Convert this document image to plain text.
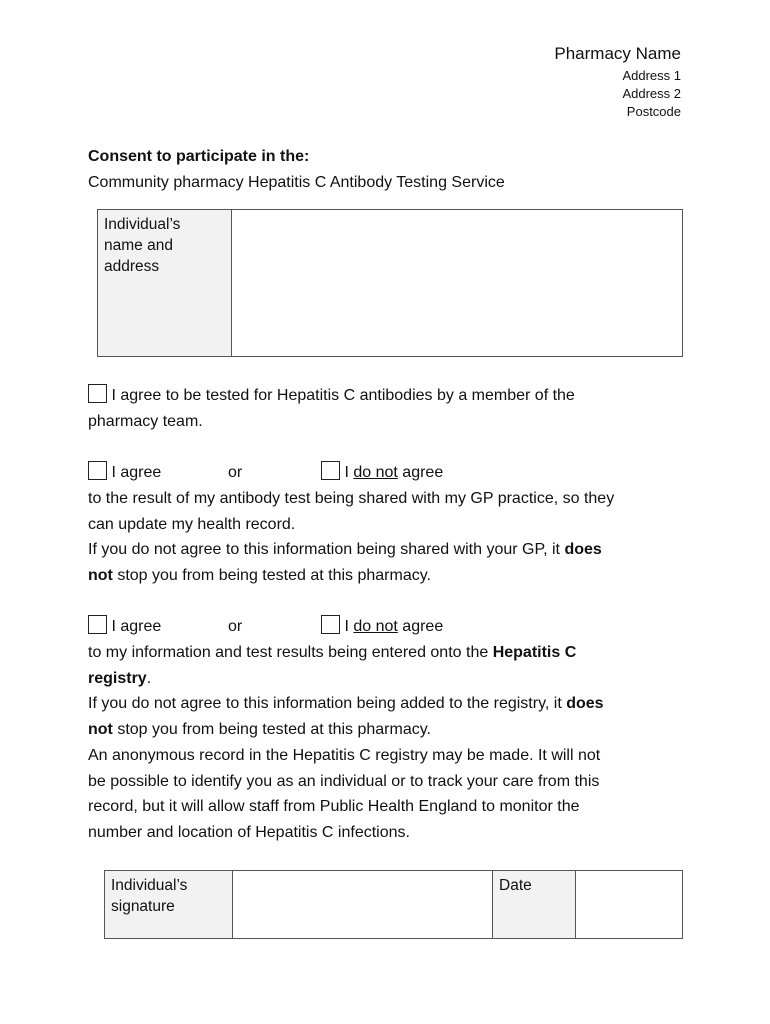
Pharmacy Name
Address 1
Address 2
Postcode
Consent to participate in the:
Community pharmacy Hepatitis C Antibody Testing Service
Individual’s
name and
address

I agree to be tested for Hepatitis C antibodies by a member of the
pharmacy team.
I agree	or	I do not agree
to the result of my antibody test being shared with my GP practice, so they
can update my health record.
If you do not agree to this information being shared with your GP, it does
not stop you from being tested at this pharmacy.
I agree	or	I do not agree
to my information and test results being entered onto the Hepatitis C
registry.
If you do not agree to this information being added to the registry, it does
not stop you from being tested at this pharmacy.
An anonymous record in the Hepatitis C registry may be made. It will not
be possible to identify you as an individual or to track your care from this
record, but it will allow staff from Public Health England to monitor the
number and location of Hepatitis C infections.
Individual’s
signature
		Date	
